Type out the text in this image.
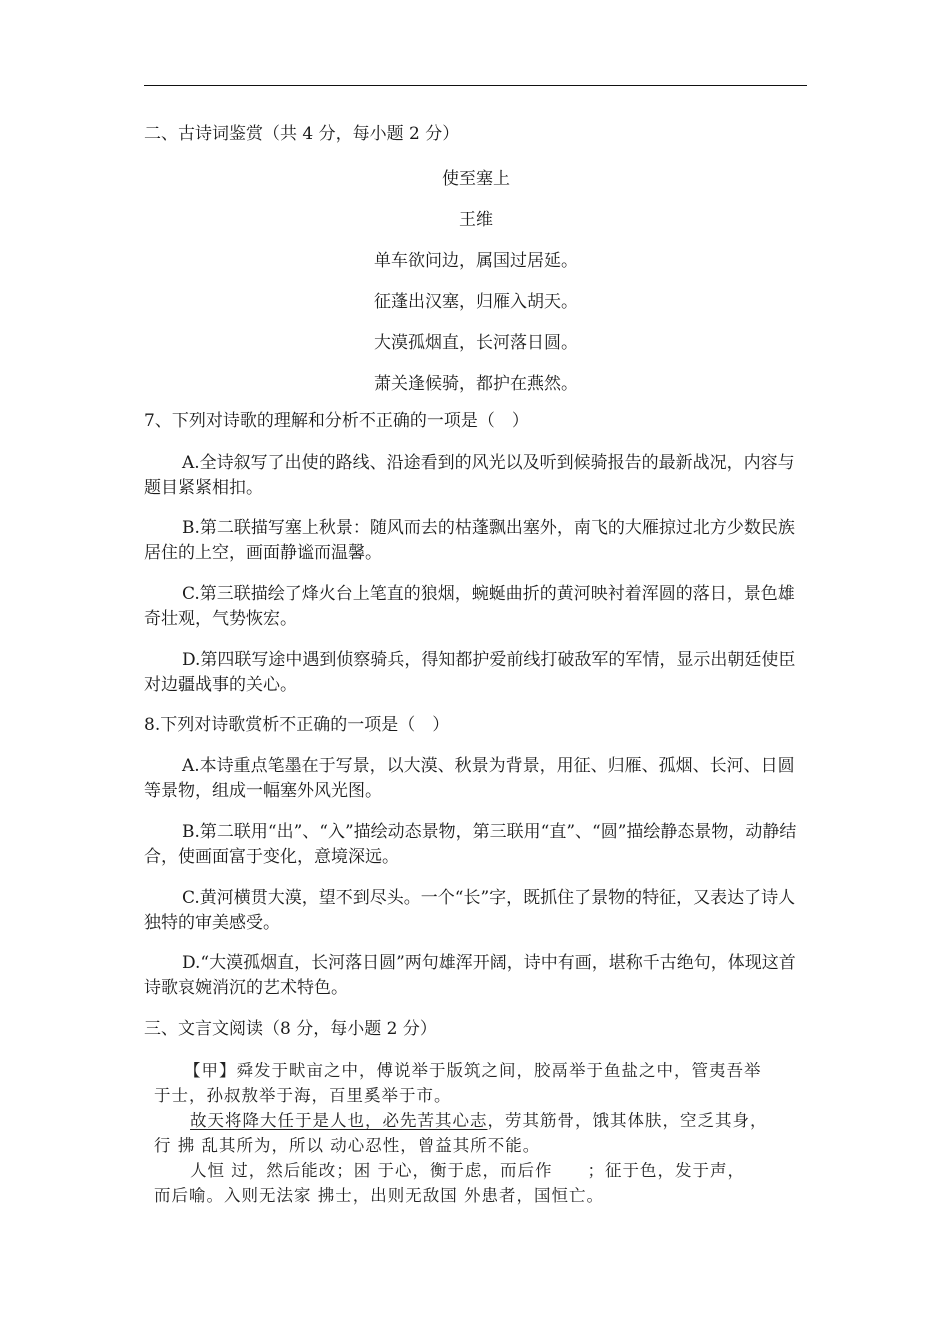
二、古诗词鉴赏（共 4 分，每小题 2 分）
使至塞上
王维
单车欲问边，属国过居延。
征蓬出汉塞，归雁入胡天。
大漠孤烟直，长河落日圆。
萧关逢候骑，都护在燕然。
7、下列对诗歌的理解和分析不正确的一项是（　）
A.全诗叙写了出使的路线、沿途看到的风光以及听到候骑报告的最新战况，内容与题目紧紧相扣。
B.第二联描写塞上秋景：随风而去的枯蓬飘出塞外，南飞的大雁掠过北方少数民族居住的上空，画面静谧而温馨。
C.第三联描绘了烽火台上笔直的狼烟，蜿蜒曲折的黄河映衬着浑圆的落日，景色雄奇壮观，气势恢宏。
D.第四联写途中遇到侦察骑兵，得知都护爱前线打破敌军的军情，显示出朝廷使臣对边疆战事的关心。
8.下列对诗歌赏析不正确的一项是（　）
A.本诗重点笔墨在于写景，以大漠、秋景为背景，用征、归雁、孤烟、长河、日圆等景物，组成一幅塞外风光图。
B.第二联用“出”、“入”描绘动态景物，第三联用“直”、“圆”描绘静态景物，动静结合，使画面富于变化，意境深远。
C.黄河横贯大漠，望不到尽头。一个“长”字，既抓住了景物的特征，又表达了诗人独特的审美感受。
D.“大漠孤烟直，长河落日圆”两句雄浑开阔，诗中有画，堪称千古绝句，体现这首诗歌哀婉消沉的艺术特色。
三、文言文阅读（8 分，每小题 2 分）
【甲】舜发于畎亩之中，傅说举于版筑之间，胶鬲举于鱼盐之中，管夷吾举
于士，孙叔敖举于海，百里奚举于市。
故天将降大任于是人也，必先苦其心志，劳其筋骨，饿其体肤，空乏其身，
行 拂 乱其所为，所以 动心忍性，曾益其所不能。
人恒 过，然后能改；困 于心，衡于虑，而后作　　；征于色，发于声，
而后喻。入则无法家 拂士，出则无敌国 外患者，国恒亡。
